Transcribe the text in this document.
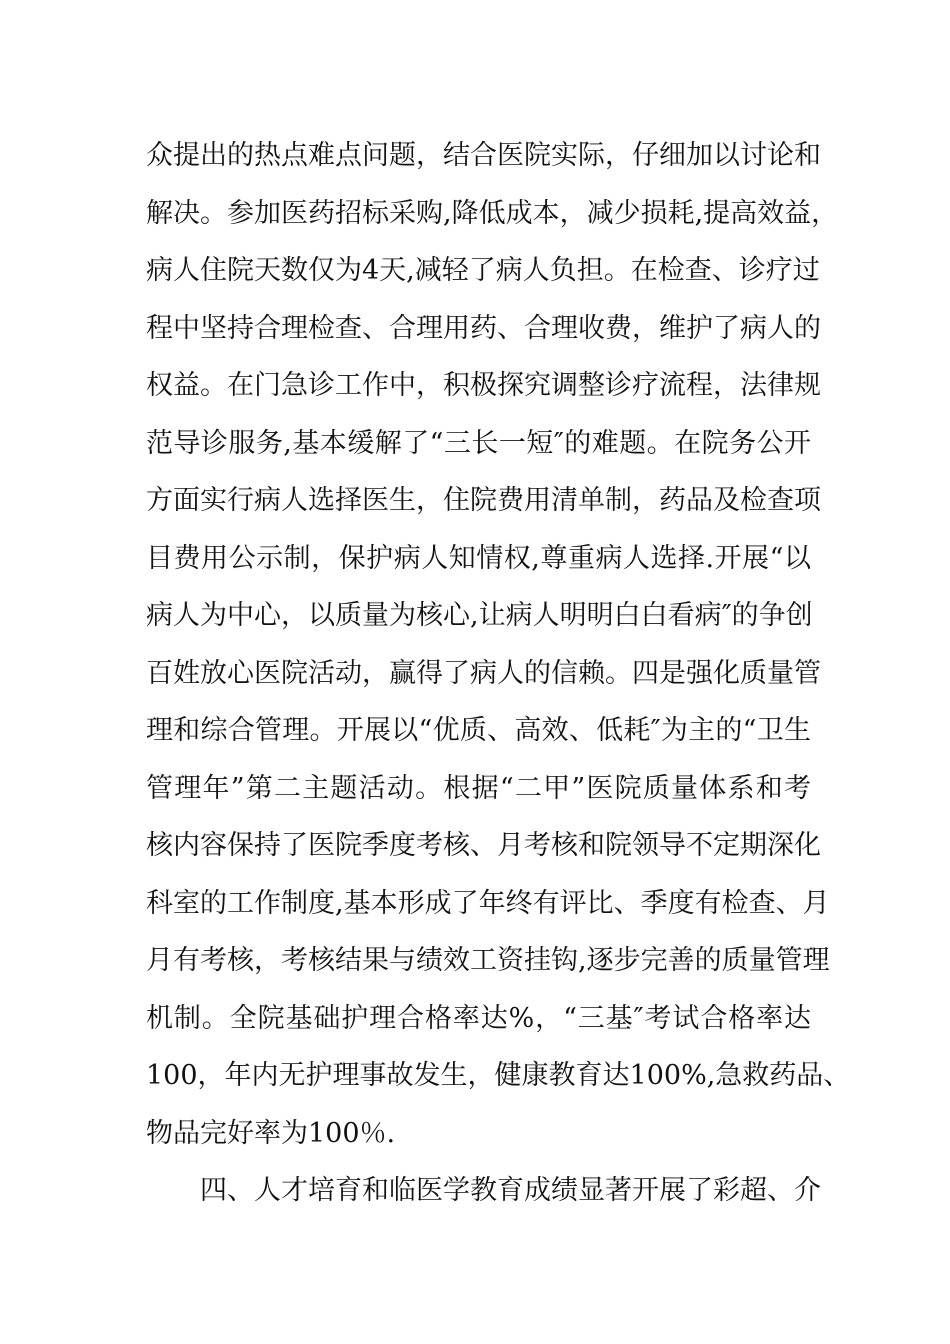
众提出的热点难点问题，结合医院实际，仔细加以讨论和
解决。参加医药招标采购,降低成本，减少损耗,提高效益，
病人住院天数仅为4天,减轻了病人负担。在检查、诊疗过
程中坚持合理检查、合理用药、合理收费，维护了病人的
权益。在门急诊工作中，积极探究调整诊疗流程，法律规
范导诊服务,基本缓解了“三长一短″的难题。在院务公开
方面实行病人选择医生，住院费用清单制，药品及检查项
目费用公示制，保护病人知情权,尊重病人选择.开展“以
病人为中心，以质量为核心,让病人明明白白看病″的争创
百姓放心医院活动，赢得了病人的信赖。四是强化质量管
理和综合管理。开展以“优质、高效、低耗″为主的“卫生
管理年”第二主题活动。根据“二甲”医院质量体系和考
核内容保持了医院季度考核、月考核和院领导不定期深化
科室的工作制度,基本形成了年终有评比、季度有检查、月
月有考核，考核结果与绩效工资挂钩,逐步完善的质量管理
机制。全院基础护理合格率达%，“三基″考试合格率达
100，年内无护理事故发生，健康教育达100%,急救药品、
物品完好率为100％.
四、人才培育和临医学教育成绩显著开展了彩超、介
